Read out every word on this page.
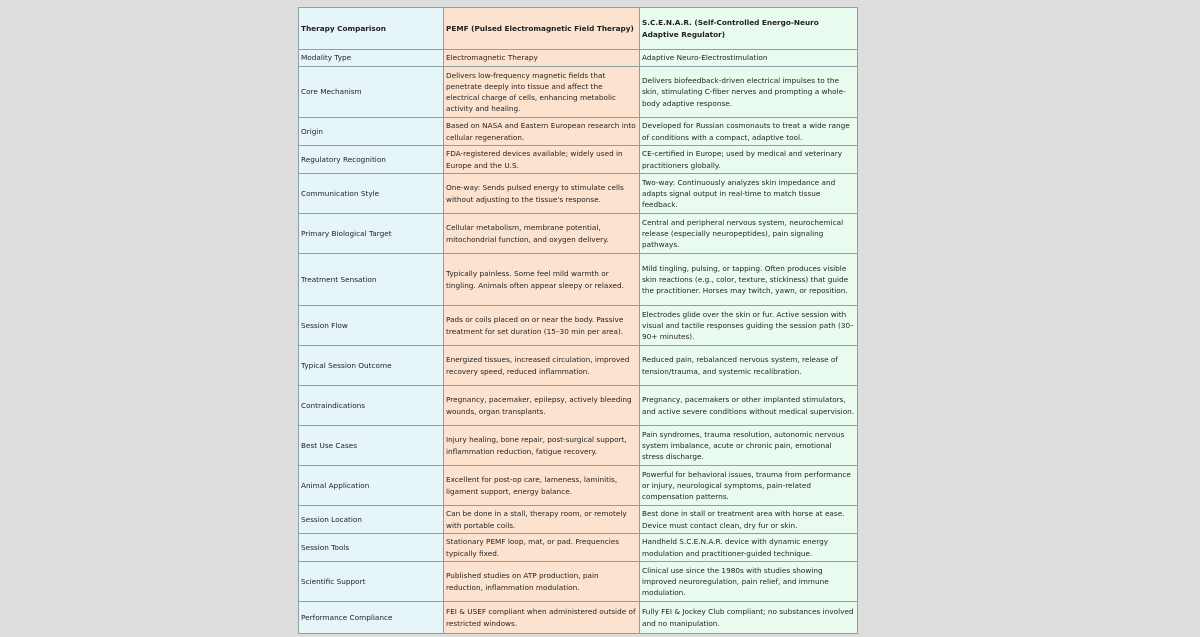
Therapy Comparison	PEMF (Pulsed Electromagnetic Field Therapy)	S.C.E.N.A.R. (Self-Controlled Energo-Neuro Adaptive Regulator)
Modality Type	Electromagnetic Therapy	Adaptive Neuro-Electrostimulation
Core Mechanism	Delivers low-frequency magnetic fields that penetrate deeply into tissue and affect the electrical charge of cells, enhancing metabolic activity and healing.	Delivers biofeedback-driven electrical impulses to the skin, stimulating C-fiber nerves and prompting a whole-body adaptive response.
Origin	Based on NASA and Eastern European research into cellular regeneration.	Developed for Russian cosmonauts to treat a wide range of conditions with a compact, adaptive tool.
Regulatory Recognition	FDA-registered devices available; widely used in Europe and the U.S.	CE-certified in Europe; used by medical and veterinary practitioners globally.
Communication Style	One-way: Sends pulsed energy to stimulate cells without adjusting to the tissue's response.	Two-way: Continuously analyzes skin impedance and adapts signal output in real-time to match tissue feedback.
Primary Biological Target	Cellular metabolism, membrane potential, mitochondrial function, and oxygen delivery.	Central and peripheral nervous system, neurochemical release (especially neuropeptides), pain signaling pathways.
Treatment Sensation	Typically painless. Some feel mild warmth or tingling. Animals often appear sleepy or relaxed.	Mild tingling, pulsing, or tapping. Often produces visible skin reactions (e.g., color, texture, stickiness) that guide the practitioner. Horses may twitch, yawn, or reposition.
Session Flow	Pads or coils placed on or near the body. Passive treatment for set duration (15–30 min per area).	Electrodes glide over the skin or fur. Active session with visual and tactile responses guiding the session path (30–90+ minutes).
Typical Session Outcome	Energized tissues, increased circulation, improved recovery speed, reduced inflammation.	Reduced pain, rebalanced nervous system, release of tension/trauma, and systemic recalibration.
Contraindications	Pregnancy, pacemaker, epilepsy, actively bleeding wounds, organ transplants.	Pregnancy, pacemakers or other implanted stimulators, and active severe conditions without medical supervision.
Best Use Cases	Injury healing, bone repair, post-surgical support, inflammation reduction, fatigue recovery.	Pain syndromes, trauma resolution, autonomic nervous system imbalance, acute or chronic pain, emotional stress discharge.
Animal Application	Excellent for post-op care, lameness, laminitis, ligament support, energy balance.	Powerful for behavioral issues, trauma from performance or injury, neurological symptoms, pain-related compensation patterns.
Session Location	Can be done in a stall, therapy room, or remotely with portable coils.	Best done in stall or treatment area with horse at ease. Device must contact clean, dry fur or skin.
Session Tools	Stationary PEMF loop, mat, or pad. Frequencies typically fixed.	Handheld S.C.E.N.A.R. device with dynamic energy modulation and practitioner-guided technique.
Scientific Support	Published studies on ATP production, pain reduction, inflammation modulation.	Clinical use since the 1980s with studies showing improved neuroregulation, pain relief, and immune modulation.
Performance Compliance	FEI & USEF compliant when administered outside of restricted windows.	Fully FEI & Jockey Club compliant; no substances involved and no manipulation.
